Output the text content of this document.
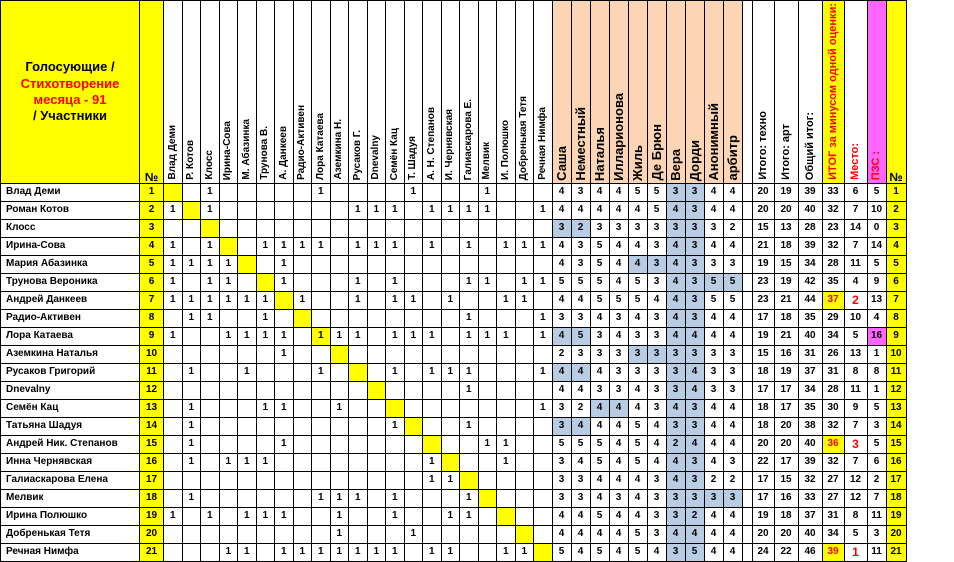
Голосующие /
Стихотворение месяца - 91
/ Участники	№	Влад Деми	Р. Котов	Клосс	Ирина-Сова	М. Абазинка	Трунова В.	А. Данкеев	Радио-Активен	Лора Катаева	Аземкина Н.	Русаков Г.	Dnevalny	Семён Кац	Т. Шадуя	А. Н. Степанов	И. Чернявская	Галиаскарова Е.	Мелвик	И. Полюшко	Добренькая Тетя	Речная Нимфа	Саша	Неместный	Наталья	Илларионова	Жиль	Де Брюн	Вера	Дорди	Анонимный	арбитр		Итого: техно	Итого: арт	Общий итог:	ИТОГ за минусом одной оценки:	Место:	ПЗС :	№
Влад Деми	1			1						1					1				1				4	3	4	4	5	5	3	3	4	4		20	19	39	33	6	5	1
Роман Котов	2	1		1								1	1	1		1	1	1	1			1	4	4	4	4	4	5	4	3	4	4		20	20	40	32	7	10	2
Клосс	3																						3	2	3	3	3	3	3	3	3	2		15	13	28	23	14	0	3
Ирина-Сова	4	1		1			1	1	1	1		1	1	1		1		1		1	1	1	4	3	5	4	4	3	4	3	4	4		21	18	39	32	7	14	4
Мария Абазинка	5	1	1	1	1			1															4	3	5	4	4	3	4	3	3	3		19	15	34	28	11	5	5
Трунова Вероника	6	1		1	1			1				1		1				1	1		1	1	5	5	5	4	5	3	4	3	5	5		23	19	42	35	4	9	6
Андрей Данкеев	7	1	1	1	1	1	1		1			1		1	1		1			1	1		4	4	5	5	5	4	4	3	5	5		23	21	44	37	2	13	7
Радио-Активен	8		1	1			1											1				1	3	3	4	3	4	3	4	3	4	4		17	18	35	29	10	4	8
Лора Катаева	9	1			1	1	1	1		1	1	1		1	1	1		1	1	1		1	4	5	3	4	3	3	4	4	4	4		19	21	40	34	5	16	9
Аземкина Наталья	10							1															2	3	3	3	3	3	3	3	3	3		15	16	31	26	13	1	10
Русаков Григорий	11		1			1				1				1		1	1	1				1	4	4	4	3	3	3	3	4	3	3		18	19	37	31	8	8	11
Dnevalny	12																	1					4	4	3	3	4	3	3	4	3	3		17	17	34	28	11	1	12
Семён Кац	13		1				1	1			1											1	3	2	4	4	4	3	4	3	4	4		18	17	35	30	9	5	13
Татьяна Шадуя	14		1											1				1					3	4	4	4	5	4	3	3	4	4		18	20	38	32	7	3	14
Андрей Ник. Степанов	15		1					1											1	1			5	5	5	4	5	4	2	4	4	4		20	20	40	36	3	5	15
Инна Чернявская	16		1		1	1	1									1				1			3	4	5	4	5	4	4	3	4	3		22	17	39	32	7	6	16
Галиаскарова Елена	17															1	1						3	3	4	4	4	3	4	3	2	2		17	15	32	27	12	2	17
Мелвик	18		1							1	1	1		1				1					3	3	4	3	4	3	3	3	3	3		17	16	33	27	12	7	18
Ирина Полюшко	19	1		1		1	1	1			1			1			1	1					4	4	5	4	4	3	3	2	4	4		19	18	37	31	8	11	19
Добренькая Тетя	20										1				1								4	4	4	4	5	3	4	4	4	4		20	20	40	34	5	3	20
Речная Нимфа	21				1	1		1	1	1	1	1	1	1		1	1			1	1		5	4	5	4	5	4	3	5	4	4		24	22	46	39	1	11	21
